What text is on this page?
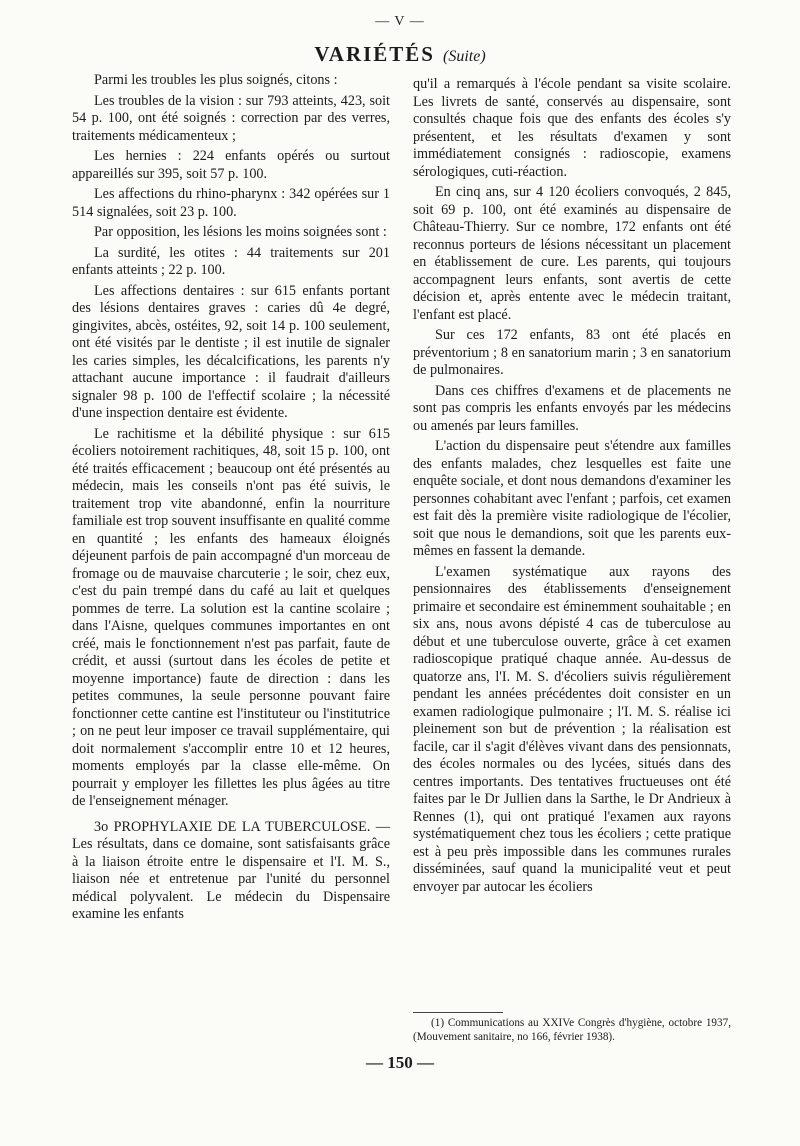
— V —
VARIÉTÉS (Suite)

Parmi les troubles les plus soignés, citons :

Les troubles de la vision : sur 793 atteints, 423, soit 54 p. 100, ont été soignés : correction par des verres, traitements médicamenteux ;

Les hernies : 224 enfants opérés ou surtout appareillés sur 395, soit 57 p. 100.

Les affections du rhino-pharynx : 342 opérées sur 1 514 signalées, soit 23 p. 100.

Par opposition, les lésions les moins soignées sont :

La surdité, les otites : 44 traitements sur 201 enfants atteints ; 22 p. 100.

Les affections dentaires : sur 615 enfants portant des lésions dentaires graves : caries dû 4e degré, gingivites, abcès, ostéites, 92, soit 14 p. 100 seulement, ont été visités par le dentiste ; il est inutile de signaler les caries simples, les décalcifications, les parents n'y attachant aucune importance : il faudrait d'ailleurs signaler 98 p. 100 de l'effectif scolaire ; la nécessité d'une inspection dentaire est évidente.

Le rachitisme et la débilité physique : sur 615 écoliers notoirement rachitiques, 48, soit 15 p. 100, ont été traités efficacement ; beaucoup ont été présentés au médecin, mais les conseils n'ont pas été suivis, le traitement trop vite abandonné, enfin la nourriture familiale est trop souvent insuffisante en qualité comme en quantité ; les enfants des hameaux éloignés déjeunent parfois de pain accompagné d'un morceau de fromage ou de mauvaise charcuterie ; le soir, chez eux, c'est du pain trempé dans du café au lait et quelques pommes de terre. La solution est la cantine scolaire ; dans l'Aisne, quelques communes importantes en ont créé, mais le fonctionnement n'est pas parfait, faute de crédit, et aussi (surtout dans les écoles de petite et moyenne importance) faute de direction : dans les petites communes, la seule personne pouvant faire fonctionner cette cantine est l'instituteur ou l'institutrice ; on ne peut leur imposer ce travail supplémentaire, qui doit normalement s'accomplir entre 10 et 12 heures, moments employés par la classe elle-même. On pourrait y employer les fillettes les plus âgées au titre de l'enseignement ménager.

3o PROPHYLAXIE DE LA TUBERCULOSE. — Les résultats, dans ce domaine, sont satisfaisants grâce à la liaison étroite entre le dispensaire et l'I. M. S., liaison née et entretenue par l'unité du personnel médical polyvalent. Le médecin du Dispensaire examine les enfants

qu'il a remarqués à l'école pendant sa visite scolaire. Les livrets de santé, conservés au dispensaire, sont consultés chaque fois que des enfants des écoles s'y présentent, et les résultats d'examen y sont immédiatement consignés : radioscopie, examens sérologiques, cuti-réaction.

En cinq ans, sur 4 120 écoliers convoqués, 2 845, soit 69 p. 100, ont été examinés au dispensaire de Château-Thierry. Sur ce nombre, 172 enfants ont été reconnus porteurs de lésions nécessitant un placement en établissement de cure. Les parents, qui toujours accompagnent leurs enfants, sont avertis de cette décision et, après entente avec le médecin traitant, l'enfant est placé.

Sur ces 172 enfants, 83 ont été placés en préventorium ; 8 en sanatorium marin ; 3 en sanatorium de pulmonaires.

Dans ces chiffres d'examens et de placements ne sont pas compris les enfants envoyés par les médecins ou amenés par leurs familles.

L'action du dispensaire peut s'étendre aux familles des enfants malades, chez lesquelles est faite une enquête sociale, et dont nous demandons d'examiner les personnes cohabitant avec l'enfant ; parfois, cet examen est fait dès la première visite radiologique de l'écolier, soit que nous le demandions, soit que les parents eux-mêmes en fassent la demande.

L'examen systématique aux rayons des pensionnaires des établissements d'enseignement primaire et secondaire est éminemment souhaitable ; en six ans, nous avons dépisté 4 cas de tuberculose au début et une tuberculose ouverte, grâce à cet examen radioscopique pratiqué chaque année. Au-dessus de quatorze ans, l'I. M. S. d'écoliers suivis régulièrement pendant les années précédentes doit consister en un examen radiologique pulmonaire ; l'I. M. S. réalise ici pleinement son but de prévention ; la réalisation est facile, car il s'agit d'élèves vivant dans des pensionnats, des écoles normales ou des lycées, situés dans des centres importants. Des tentatives fructueuses ont été faites par le Dr Jullien dans la Sarthe, le Dr Andrieux à Rennes (1), qui ont pratiqué l'examen aux rayons systématiquement chez tous les écoliers ; cette pratique est à peu près impossible dans les communes rurales disséminées, sauf quand la municipalité veut et peut envoyer par autocar les écoliers

(1) Communications au XXIVe Congrès d'hygiène, octobre 1937, (Mouvement sanitaire, no 166, février 1938).
— 150 —
